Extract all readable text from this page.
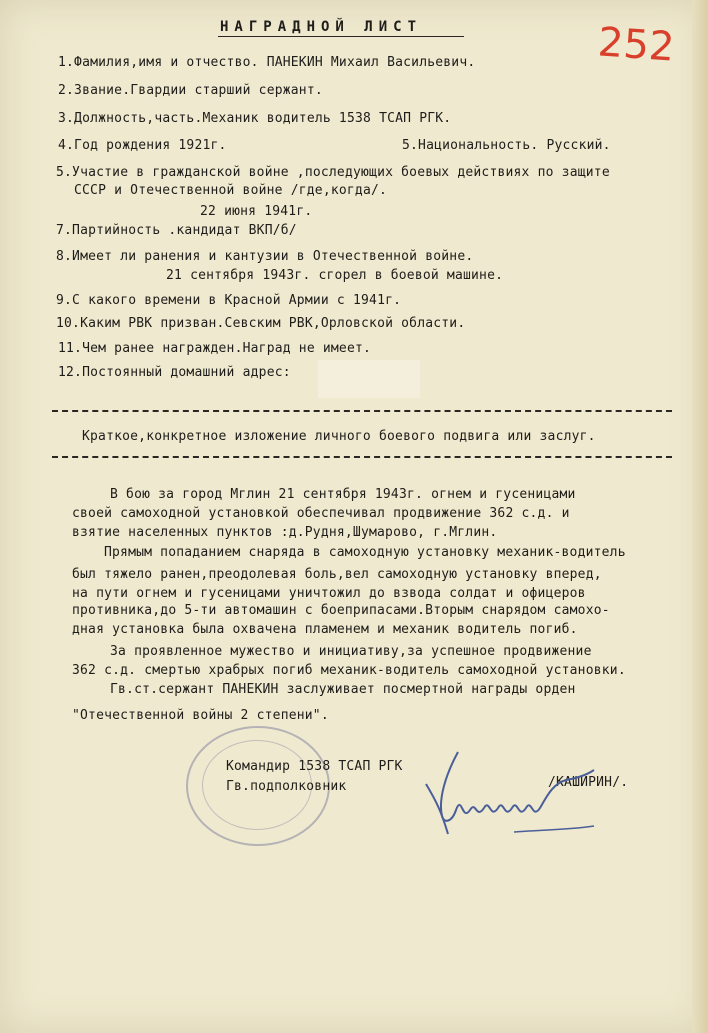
НАГРАДНОЙ ЛИСТ	252
1.Фамилия,имя и отчество. ПАНЕКИН Михаил Васильевич.
2.Звание.Гвардии старший сержант.
3.Должность,часть.Механик водитель 1538 ТСАП РГК.
4.Год рождения 1921г.	5.Национальность. Русский.
5.Участие в гражданской войне ,последующих боевых действиях по защите
СССР и Отечественной войне /где,когда/.
22 июня 1941г.
7.Партийность .кандидат ВКП/б/
8.Имеет ли ранения и кантузии в Отечественной войне.
21 сентября 1943г. сгорел в боевой машине.
9.С какого времени в Красной Армии с 1941г.
10.Каким РВК призван.Севским РВК,Орловской области.
11.Чем ранее награжден.Наград не имеет.
12.Постоянный домашний адрес:
Краткое,конкретное изложение личного боевого подвига или заслуг.
В бою за город Мглин 21 сентября 1943г. огнем и гусеницами
своей самоходной установкой обеспечивал продвижение 362 с.д. и
взятие населенных пунктов :д.Рудня,Шумарово, г.Мглин.
Прямым попаданием снаряда в самоходную установку механик-водитель
был тяжело ранен,преодолевая боль,вел самоходную установку вперед,
на пути огнем и гусеницами уничтожил до взвода солдат и офицеров
противника,до 5-ти автомашин с боеприпасами.Вторым снарядом самохо-
дная установка была охвачена пламенем и механик водитель погиб.
За проявленное мужество и инициативу,за успешное продвижение
362 с.д. смертью храбрых погиб механик-водитель самоходной установки.
Гв.ст.сержант ПАНЕКИН заслуживает посмертной награды орден
"Отечественной войны 2 степени".
Командир 1538 ТСАП РГК
Гв.подполковник	/КАШИРИН/.
